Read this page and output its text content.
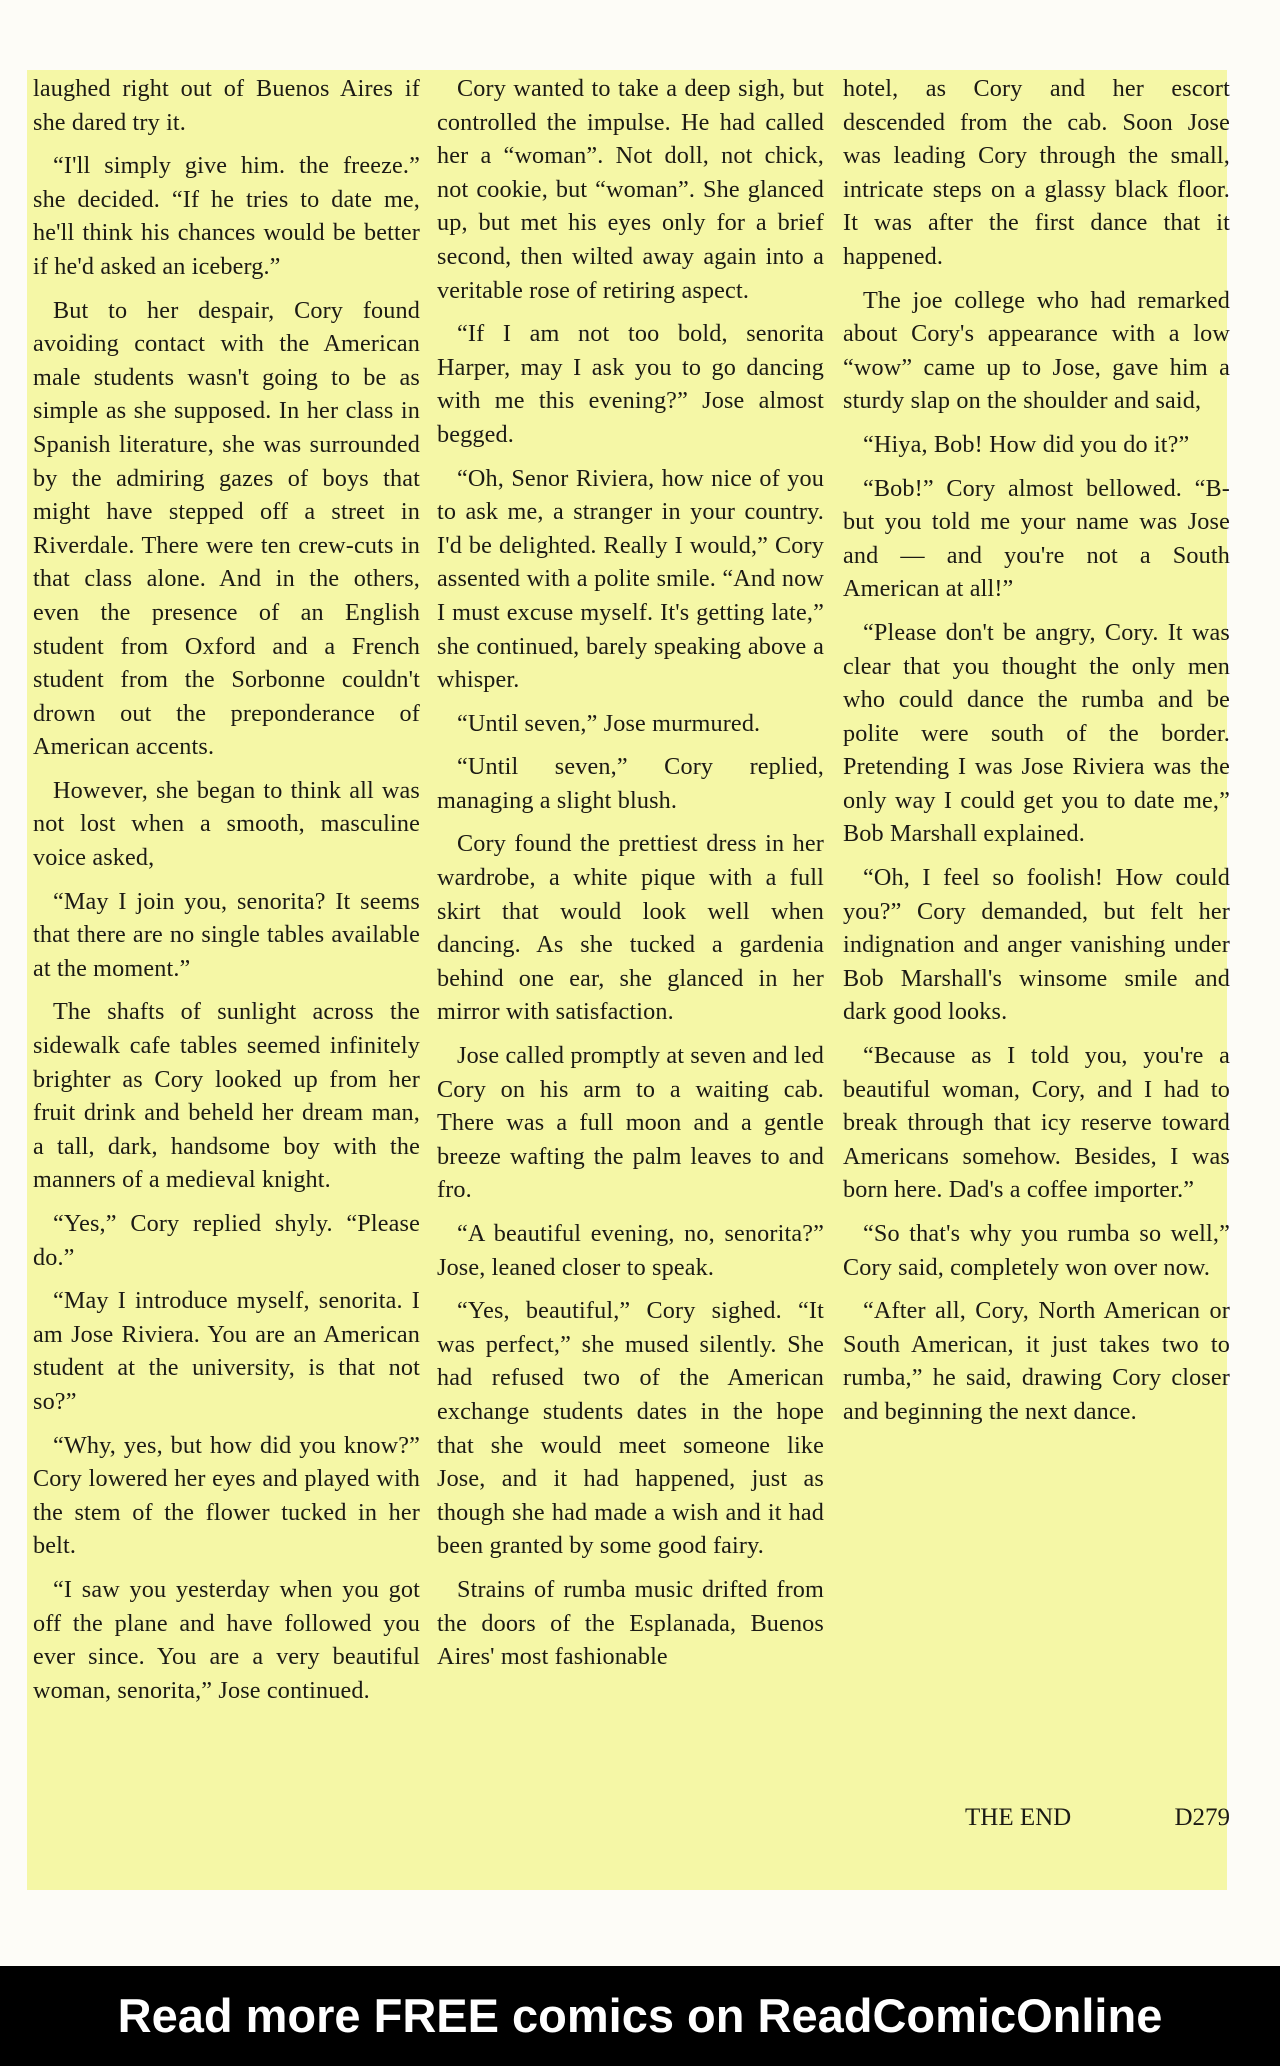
laughed right out of Buenos Aires if she dared try it.

“I'll simply give him. the freeze.” she decided. “If he tries to date me, he'll think his chances would be better if he'd asked an iceberg.”

But to her despair, Cory found avoiding contact with the American male students wasn't going to be as simple as she supposed. In her class in Spanish literature, she was surrounded by the admiring gazes of boys that might have stepped off a street in Riverdale. There were ten crew-cuts in that class alone. And in the others, even the presence of an English student from Oxford and a French student from the Sorbonne couldn't drown out the preponderance of American accents.

However, she began to think all was not lost when a smooth, masculine voice asked,

“May I join you, senorita? It seems that there are no single tables available at the moment.”

The shafts of sunlight across the sidewalk cafe tables seemed infinitely brighter as Cory looked up from her fruit drink and beheld her dream man, a tall, dark, handsome boy with the manners of a medieval knight.

“Yes,” Cory replied shyly. “Please do.”

“May I introduce myself, senorita. I am Jose Riviera. You are an American student at the university, is that not so?”

“Why, yes, but how did you know?” Cory lowered her eyes and played with the stem of the flower tucked in her belt.

“I saw you yesterday when you got off the plane and have followed you ever since. You are a very beautiful woman, senorita,” Jose continued.

Cory wanted to take a deep sigh, but controlled the impulse. He had called her a “woman”. Not doll, not chick, not cookie, but “woman”. She glanced up, but met his eyes only for a brief second, then wilted away again into a veritable rose of retiring aspect.

“If I am not too bold, senorita Harper, may I ask you to go dancing with me this evening?” Jose almost begged.

“Oh, Senor Riviera, how nice of you to ask me, a stranger in your country. I'd be delighted. Really I would,” Cory assented with a polite smile. “And now I must excuse myself. It's getting late,” she continued, barely speaking above a whisper.

“Until seven,” Jose murmured.

“Until seven,” Cory replied, managing a slight blush.

Cory found the prettiest dress in her wardrobe, a white pique with a full skirt that would look well when dancing. As she tucked a gardenia behind one ear, she glanced in her mirror with satisfaction.

Jose called promptly at seven and led Cory on his arm to a waiting cab. There was a full moon and a gentle breeze wafting the palm leaves to and fro.

“A beautiful evening, no, senorita?” Jose, leaned closer to speak.

“Yes, beautiful,” Cory sighed. “It was perfect,” she mused silently. She had refused two of the American exchange students dates in the hope that she would meet someone like Jose, and it had happened, just as though she had made a wish and it had been granted by some good fairy.

Strains of rumba music drifted from the doors of the Esplanada, Buenos Aires' most fashionable

hotel, as Cory and her escort descended from the cab. Soon Jose was leading Cory through the small, intricate steps on a glassy black floor. It was after the first dance that it happened.

The joe college who had remarked about Cory's appearance with a low “wow” came up to Jose, gave him a sturdy slap on the shoulder and said,

“Hiya, Bob! How did you do it?”

“Bob!” Cory almost bellowed. “B-but you told me your name was Jose and — and you're not a South American at all!”

“Please don't be angry, Cory. It was clear that you thought the only men who could dance the rumba and be polite were south of the border. Pretending I was Jose Riviera was the only way I could get you to date me,” Bob Marshall explained.

“Oh, I feel so foolish! How could you?” Cory demanded, but felt her indignation and anger vanishing under Bob Marshall's winsome smile and dark good looks.

“Because as I told you, you're a beautiful woman, Cory, and I had to break through that icy reserve toward Americans somehow. Besides, I was born here. Dad's a coffee importer.”

“So that's why you rumba so well,” Cory said, completely won over now.

“After all, Cory, North American or South American, it just takes two to rumba,” he said, drawing Cory closer and beginning the next dance.

THE END	D279
Read more FREE comics on ReadComicOnline
